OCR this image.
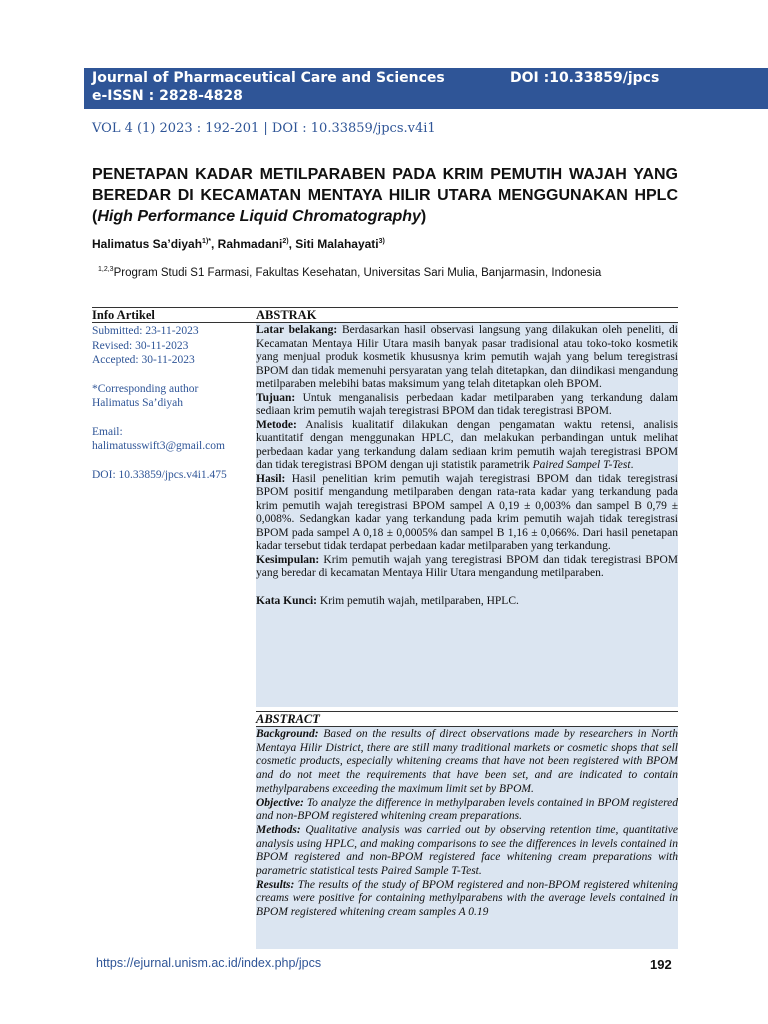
Journal of Pharmaceutical Care and Sciences	DOI :10.33859/jpcs
e-ISSN : 2828-4828
VOL 4 (1) 2023 : 192-201 | DOI : 10.33859/jpcs.v4i1
PENETAPAN KADAR METILPARABEN PADA KRIM PEMUTIH WAJAH YANG BEREDAR DI KECAMATAN MENTAYA HILIR UTARA MENGGUNAKAN HPLC (High Performance Liquid Chromatography)
Halimatus Sa’diyah$^{1)*}$, Rahmadani$^{2)}$, Siti Malahayati$^{3)}$
$^{1,2,3}$Program Studi S1 Farmasi, Fakultas Kesehatan, Universitas Sari Mulia, Banjarmasin, Indonesia
Info Artikel	ABSTRAK
Submitted: 23-11-2023
Revised: 30-11-2023
Accepted: 30-11-2023
*Corresponding author
Halimatus Sa’diyah
Email:
halimatusswift3@gmail.com
DOI: 10.33859/jpcs.v4i1.475

Latar belakang: Berdasarkan hasil observasi langsung yang dilakukan oleh peneliti, di Kecamatan Mentaya Hilir Utara masih banyak pasar tradisional atau toko-toko kosmetik yang menjual produk kosmetik khususnya krim pemutih wajah yang belum teregistrasi BPOM dan tidak memenuhi persyaratan yang telah ditetapkan, dan diindikasi mengandung metilparaben melebihi batas maksimum yang telah ditetapkan oleh BPOM.

Tujuan: Untuk menganalisis perbedaan kadar metilparaben yang terkandung dalam sediaan krim pemutih wajah teregistrasi BPOM dan tidak teregistrasi BPOM.

Metode: Analisis kualitatif dilakukan dengan pengamatan waktu retensi, analisis kuantitatif dengan menggunakan HPLC, dan melakukan perbandingan untuk melihat perbedaan kadar yang terkandung dalam sediaan krim pemutih wajah teregistrasi BPOM dan tidak teregistrasi BPOM dengan uji statistik parametrik Paired Sampel T-Test.

Hasil: Hasil penelitian krim pemutih wajah teregistrasi BPOM dan tidak teregistrasi BPOM positif mengandung metilparaben dengan rata-rata kadar yang terkandung pada krim pemutih wajah teregistrasi BPOM sampel A 0,19 ± 0,003% dan sampel B 0,79 ± 0,008%. Sedangkan kadar yang terkandung pada krim pemutih wajah tidak teregistrasi BPOM pada sampel A 0,18 ± 0,0005% dan sampel B 1,16 ± 0,066%. Dari hasil penetapan kadar tersebut tidak terdapat perbedaan kadar metilparaben yang terkandung.

Kesimpulan: Krim pemutih wajah yang teregistrasi BPOM dan tidak teregistrasi BPOM yang beredar di kecamatan Mentaya Hilir Utara mengandung metilparaben.

Kata Kunci: Krim pemutih wajah, metilparaben, HPLC.

ABSTRACT

Background: Based on the results of direct observations made by researchers in North Mentaya Hilir District, there are still many traditional markets or cosmetic shops that sell cosmetic products, especially whitening creams that have not been registered with BPOM and do not meet the requirements that have been set, and are indicated to contain methylparabens exceeding the maximum limit set by BPOM.

Objective: To analyze the difference in methylparaben levels contained in BPOM registered and non-BPOM registered whitening cream preparations.

Methods: Qualitative analysis was carried out by observing retention time, quantitative analysis using HPLC, and making comparisons to see the differences in levels contained in BPOM registered and non-BPOM registered face whitening cream preparations with parametric statistical tests Paired Sample T-Test.

Results: The results of the study of BPOM registered and non-BPOM registered whitening creams were positive for containing methylparabens with the average levels contained in BPOM registered whitening cream samples A 0.19

https://ejurnal.unism.ac.id/index.php/jpcs	192
